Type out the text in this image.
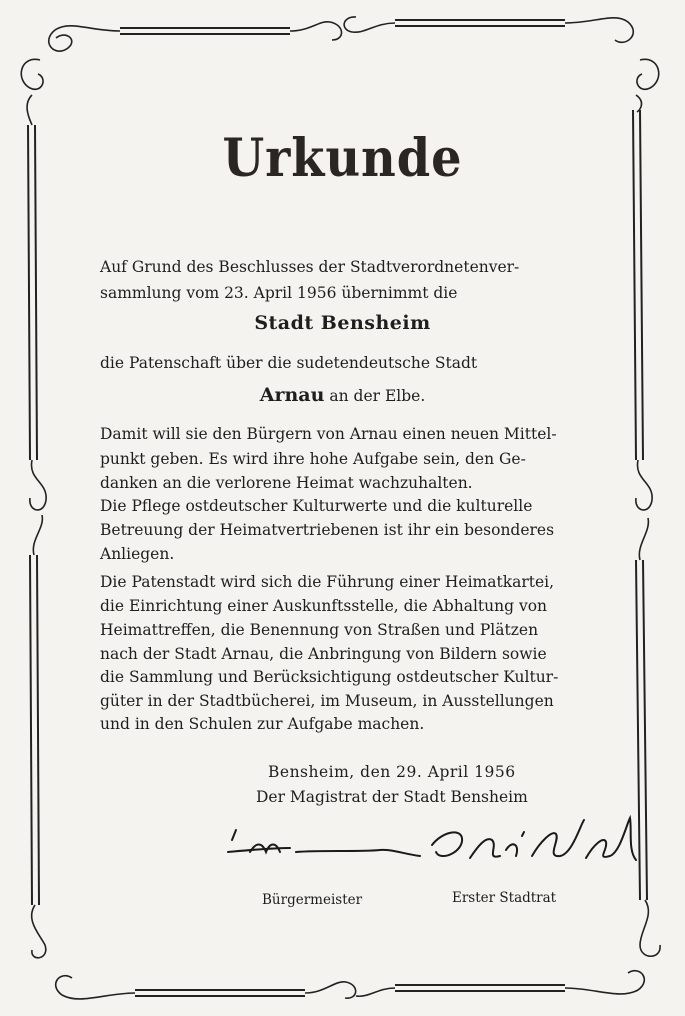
Urkunde
Auf Grund des Beschlusses der Stadtverordnetenver-
sammlung vom 23. April 1956 übernimmt die
Stadt Bensheim
die Patenschaft über die sudetendeutsche Stadt
Arnau an der Elbe.
Damit will sie den Bürgern von Arnau einen neuen Mittel-
punkt geben. Es wird ihre hohe Aufgabe sein, den Ge-
danken an die verlorene Heimat wachzuhalten.
Die Pflege ostdeutscher Kulturwerte und die kulturelle
Betreuung der Heimatvertriebenen ist ihr ein besonderes
Anliegen.
Die Patenstadt wird sich die Führung einer Heimatkartei,
die Einrichtung einer Auskunftsstelle, die Abhaltung von
Heimattreffen, die Benennung von Straßen und Plätzen
nach der Stadt Arnau, die Anbringung von Bildern sowie
die Sammlung und Berücksichtigung ostdeutscher Kultur-
güter in der Stadtbücherei, im Museum, in Ausstellungen
und in den Schulen zur Aufgabe machen.
Bensheim, den 29. April 1956
Der Magistrat der Stadt Bensheim
Bürgermeister	Erster Stadtrat
